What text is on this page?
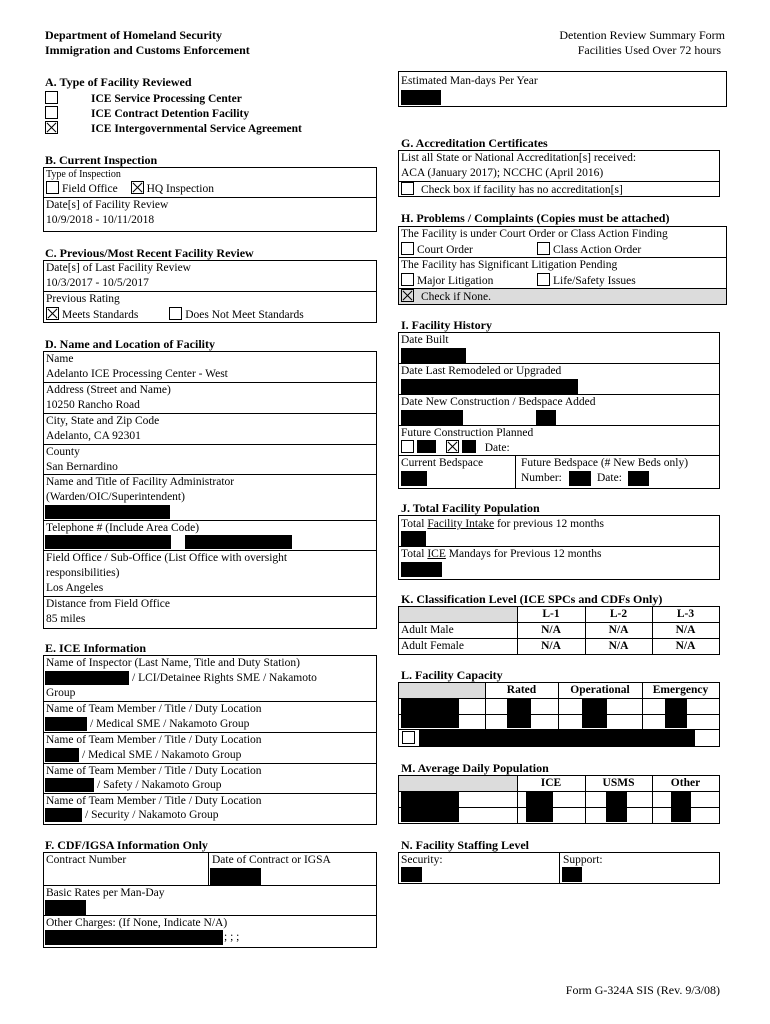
Department of Homeland Security
Immigration and Customs Enforcement
Detention Review Summary Form
Facilities Used Over 72 hours
A. Type of Facility Reviewed
ICE Service Processing Center
ICE Contract Detention Facility
ICE Intergovernmental Service Agreement
B. Current Inspection
Type of Inspection
Field Office	HQ Inspection
Date[s] of Facility Review
10/9/2018 - 10/11/2018
C. Previous/Most Recent Facility Review
Date[s] of Last Facility Review
10/3/2017 - 10/5/2017
Previous Rating
Meets Standards	Does Not Meet Standards
D. Name and Location of Facility
Name
Adelanto ICE Processing Center - West
Address (Street and Name)
10250 Rancho Road
City, State and Zip Code
Adelanto, CA 92301
County
San Bernardino
Name and Title of Facility Administrator
(Warden/OIC/Superintendent)
Telephone # (Include Area Code)
Field Office / Sub-Office (List Office with oversight
responsibilities)
Los Angeles
Distance from Field Office
85 miles
E. ICE Information
Name of Inspector (Last Name, Title and Duty Station)
/ LCI/Detainee Rights SME / Nakamoto
Group
Name of Team Member / Title / Duty Location
/ Medical SME / Nakamoto Group
Name of Team Member / Title / Duty Location
/ Medical SME / Nakamoto Group
Name of Team Member / Title / Duty Location
/ Safety / Nakamoto Group
Name of Team Member / Title / Duty Location
/ Security / Nakamoto Group
F. CDF/IGSA Information Only
Contract Number	Date of Contract or IGSA
Basic Rates per Man-Day
Other Charges: (If None, Indicate N/A)
; ; ;
Estimated Man-days Per Year
G. Accreditation Certificates
List all State or National Accreditation[s] received:
ACA (January 2017); NCCHC (April 2016)
Check box if facility has no accreditation[s]
H. Problems / Complaints (Copies must be attached)
The Facility is under Court Order or Class Action Finding
Court Order	Class Action Order
The Facility has Significant Litigation Pending
Major Litigation	Life/Safety Issues
Check if None.
I. Facility History
Date Built
Date Last Remodeled or Upgraded
Date New Construction / Bedspace Added
Future Construction Planned
Date:
Current Bedspace	Future Bedspace (# New Beds only)
Number:	Date:
J. Total Facility Population
Total Facility Intake for previous 12 months
Total ICE Mandays for Previous 12 months
K. Classification Level (ICE SPCs and CDFs Only)
L-1	L-2	L-3
Adult Male	N/A	N/A	N/A
Adult Female	N/A	N/A	N/A
L. Facility Capacity
Rated	Operational	Emergency
M. Average Daily Population
ICE	USMS	Other
N. Facility Staffing Level
Security:	Support:
Form G-324A SIS (Rev. 9/3/08)
